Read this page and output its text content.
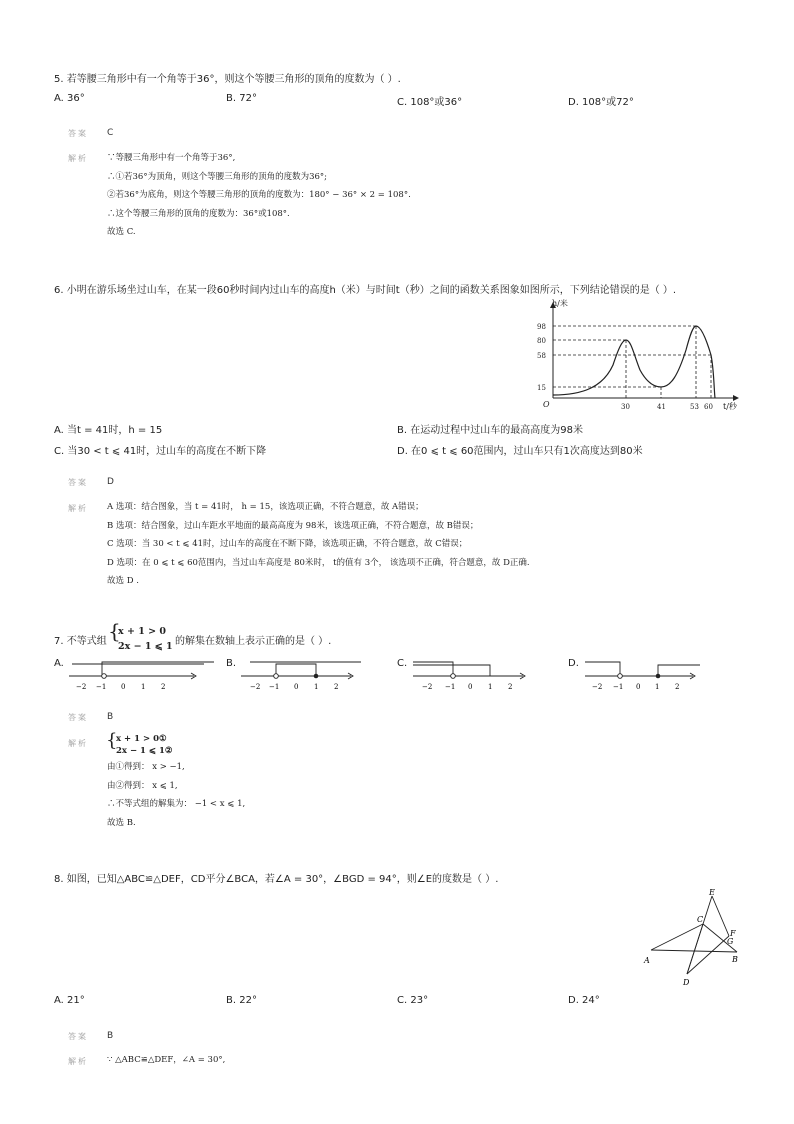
5. 若等腰三角形中有一个角等于36°，则这个等腰三角形的顶角的度数为（ ）.
A. 36°	B. 72°	C. 108°或36°	D. 108°或72°
答案 C
解析 ∵等腰三角形中有一个角等于36°,
∴①若36°为顶角，则这个等腰三角形的顶角的度数为36°;
②若36°为底角，则这个等腰三角形的顶角的度数为：180° − 36° × 2 = 108°.
∴这个等腰三角形的顶角的度数为：36°或108°.
故选 C.
6. 小明在游乐场坐过山车，在某一段60秒时间内过山车的高度h（米）与时间t（秒）之间的函数关系图象如图所示，下列结论错误的是（ ）.
h/米
t/秒
O
98
80
58
15
30	41	53 60
A. 当t = 41时，h = 15	B. 在运动过程中过山车的最高高度为98米
C. 当30 < t ⩽ 41时，过山车的高度在不断下降	D. 在0 ⩽ t ⩽ 60范围内，过山车只有1次高度达到80米
答案 D
解析 A 选项：结合图象，当 t = 41时， h = 15，该选项正确，不符合题意，故 A错误；
B 选项：结合图象，过山车距水平地面的最高高度为 98米，该选项正确，不符合题意，故 B错误；
C 选项：当 30 < t ⩽ 41时，过山车的高度在不断下降，该选项正确，不符合题意，故 C错误；
D 选项：在 0 ⩽ t ⩽ 60范围内，当过山车高度是 80米时， t的值有 3个， 该选项不正确，符合题意，故 D正确.
故选 D .
7. 不等式组 {
x + 1 > 0
2x − 1 ⩽ 1 的解集在数轴上表示正确的是（ ）.
A.
−2 −1 0 1 2
B.
−2 −1 0 1 2
C.
−2 −1 0 1 2
D.
−2 −1 0 1 2
答案 B
解析 {
x + 1 > 0①
2x − 1 ⩽ 1②
由①得到： x > −1,
由②得到： x ⩽ 1,
∴不等式组的解集为： −1 < x ⩽ 1,
故选 B.
8. 如图，已知△ABC≌△DEF，CD平分∠BCA，若∠A = 30°，∠BGD = 94°，则∠E的度数是（ ）.
E
C
F
G
A	B
D
A. 21°	B. 22°	C. 23°	D. 24°
答案 B
解析 ∵ △ABC≌△DEF，∠A = 30°,
